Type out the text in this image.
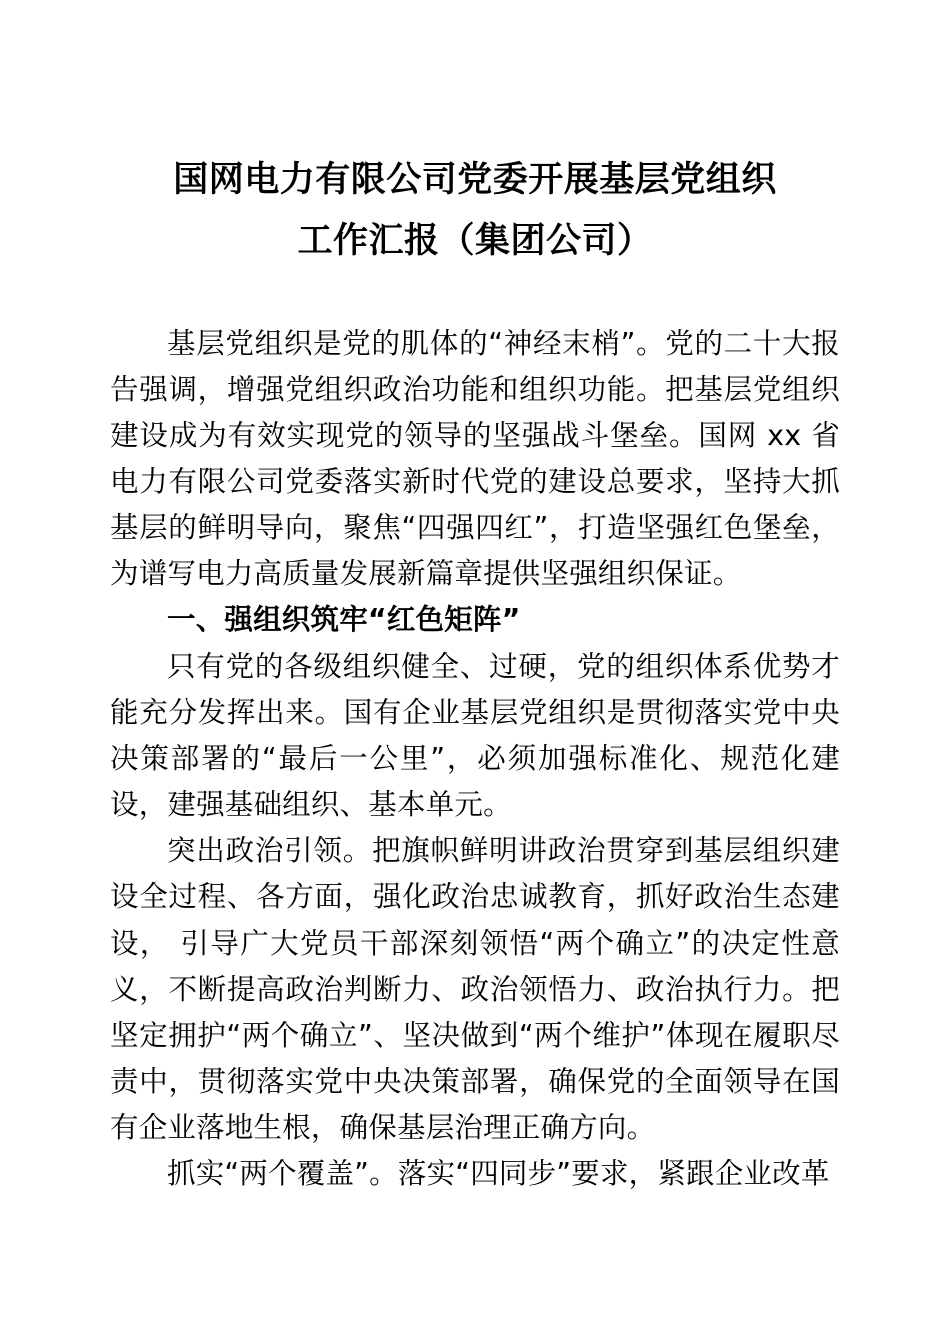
国网电力有限公司党委开展基层党组织
工作汇报（集团公司）

基层党组织是党的肌体的“神经末梢”。党的二十大报告强调，增强党组织政治功能和组织功能。把基层党组织建设成为有效实现党的领导的坚强战斗堡垒。国网 xx 省电力有限公司党委落实新时代党的建设总要求，坚持大抓基层的鲜明导向，聚焦“四强四红”，打造坚强红色堡垒，为谱写电力高质量发展新篇章提供坚强组织保证。

一、强组织筑牢“红色矩阵”

只有党的各级组织健全、过硬，党的组织体系优势才能充分发挥出来。国有企业基层党组织是贯彻落实党中央决策部署的“最后一公里”，必须加强标准化、规范化建设，建强基础组织、基本单元。

突出政治引领。把旗帜鲜明讲政治贯穿到基层组织建设全过程、各方面，强化政治忠诚教育，抓好政治生态建设， 引导广大党员干部深刻领悟“两个确立”的决定性意义，不断提高政治判断力、政治领悟力、政治执行力。把坚定拥护“两个确立”、坚决做到“两个维护”体现在履职尽责中，贯彻落实党中央决策部署，确保党的全面领导在国有企业落地生根，确保基层治理正确方向。

抓实“两个覆盖”。落实“四同步”要求，紧跟企业改革
